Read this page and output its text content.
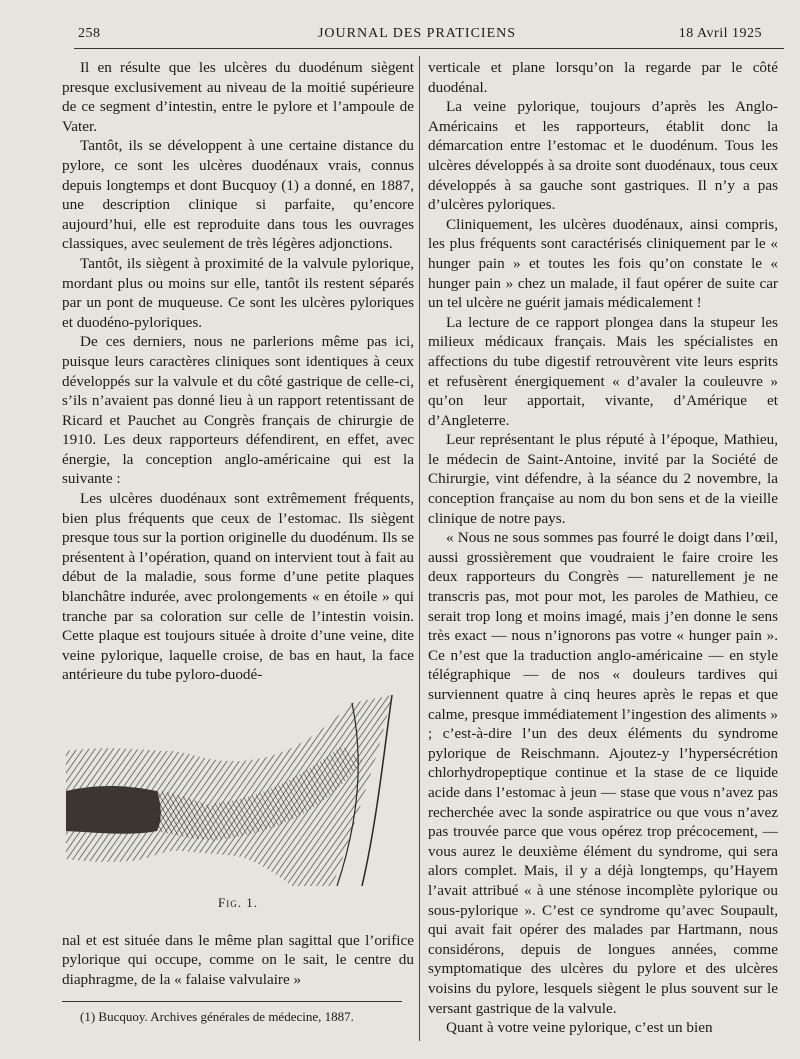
258	JOURNAL DES PRATICIENS	18 Avril 1925

Il en résulte que les ulcères du duodénum siègent presque exclusivement au niveau de la moitié supérieure de ce segment d’intestin, entre le pylore et l’ampoule de Vater.

Tantôt, ils se développent à une certaine distance du pylore, ce sont les ulcères duodénaux vrais, connus depuis longtemps et dont Bucquoy (1) a donné, en 1887, une description clinique si parfaite, qu’encore aujourd’hui, elle est reproduite dans tous les ouvrages classiques, avec seulement de très légères adjonctions.

Tantôt, ils siègent à proximité de la valvule pylorique, mordant plus ou moins sur elle, tantôt ils restent séparés par un pont de muqueuse. Ce sont les ulcères pyloriques et duodéno-pyloriques.

De ces derniers, nous ne parlerions même pas ici, puisque leurs caractères cliniques sont identiques à ceux développés sur la valvule et du côté gastrique de celle-ci, s’ils n’avaient pas donné lieu à un rapport retentissant de Ricard et Pauchet au Congrès français de chirurgie de 1910. Les deux rapporteurs défendirent, en effet, avec énergie, la conception anglo-américaine qui est la suivante :

Les ulcères duodénaux sont extrêmement fréquents, bien plus fréquents que ceux de l’estomac. Ils siègent presque tous sur la portion originelle du duodénum. Ils se présentent à l’opération, quand on intervient tout à fait au début de la maladie, sous forme d’une petite plaques blanchâtre indurée, avec prolongements « en étoile » qui tranche par sa coloration sur celle de l’intestin voisin. Cette plaque est toujours située à droite d’une veine, dite veine pylorique, laquelle croise, de bas en haut, la face antérieure du tube pyloro-duodé-

Fig. 1.

nal et est située dans le même plan sagittal que l’orifice pylorique qui occupe, comme on le sait, le centre du diaphragme, de la « falaise valvulaire »

(1) Bucquoy. Archives générales de médecine, 1887.

verticale et plane lorsqu’on la regarde par le côté duodénal.

La veine pylorique, toujours d’après les Anglo-Américains et les rapporteurs, établit donc la démarcation entre l’estomac et le duodénum. Tous les ulcères développés à sa droite sont duodénaux, tous ceux développés à sa gauche sont gastriques. Il n’y a pas d’ulcères pyloriques.

Cliniquement, les ulcères duodénaux, ainsi compris, les plus fréquents sont caractérisés cliniquement par le « hunger pain » et toutes les fois qu’on constate le « hunger pain » chez un malade, il faut opérer de suite car un tel ulcère ne guérit jamais médicalement !

La lecture de ce rapport plongea dans la stupeur les milieux médicaux français. Mais les spécialistes en affections du tube digestif retrouvèrent vite leurs esprits et refusèrent énergiquement « d’avaler la couleuvre » qu’on leur apportait, vivante, d’Amérique et d’Angleterre.

Leur représentant le plus réputé à l’époque, Mathieu, le médecin de Saint-Antoine, invité par la Société de Chirurgie, vint défendre, à la séance du 2 novembre, la conception française au nom du bon sens et de la vieille clinique de notre pays.

« Nous ne sous sommes pas fourré le doigt dans l’œil, aussi grossièrement que voudraient le faire croire les deux rapporteurs du Congrès — naturellement je ne transcris pas, mot pour mot, les paroles de Mathieu, ce serait trop long et moins imagé, mais j’en donne le sens très exact — nous n’ignorons pas votre « hunger pain ». Ce n’est que la traduction anglo-américaine — en style télégraphique — de nos « douleurs tardives qui surviennent quatre à cinq heures après le repas et que calme, presque immédiatement l’ingestion des aliments » ; c’est-à-dire l’un des deux éléments du syndrome pylorique de Reischmann. Ajoutez-y l’hypersécrétion chlorhydropeptique continue et la stase de ce liquide acide dans l’estomac à jeun — stase que vous n’avez pas recherchée avec la sonde aspiratrice ou que vous n’avez pas trouvée parce que vous opérez trop précocement, — vous aurez le deuxième élément du syndrome, qui sera alors complet. Mais, il y a déjà longtemps, qu’Hayem l’avait attribué « à une sténose incomplète pylorique ou sous-pylorique ». C’est ce syndrome qu’avec Soupault, qui avait fait opérer des malades par Hartmann, nous considérons, depuis de longues années, comme symptomatique des ulcères du pylore et des ulcères voisins du pylore, lesquels siègent le plus souvent sur le versant gastrique de la valvule.

Quant à votre veine pylorique, c’est un bien
